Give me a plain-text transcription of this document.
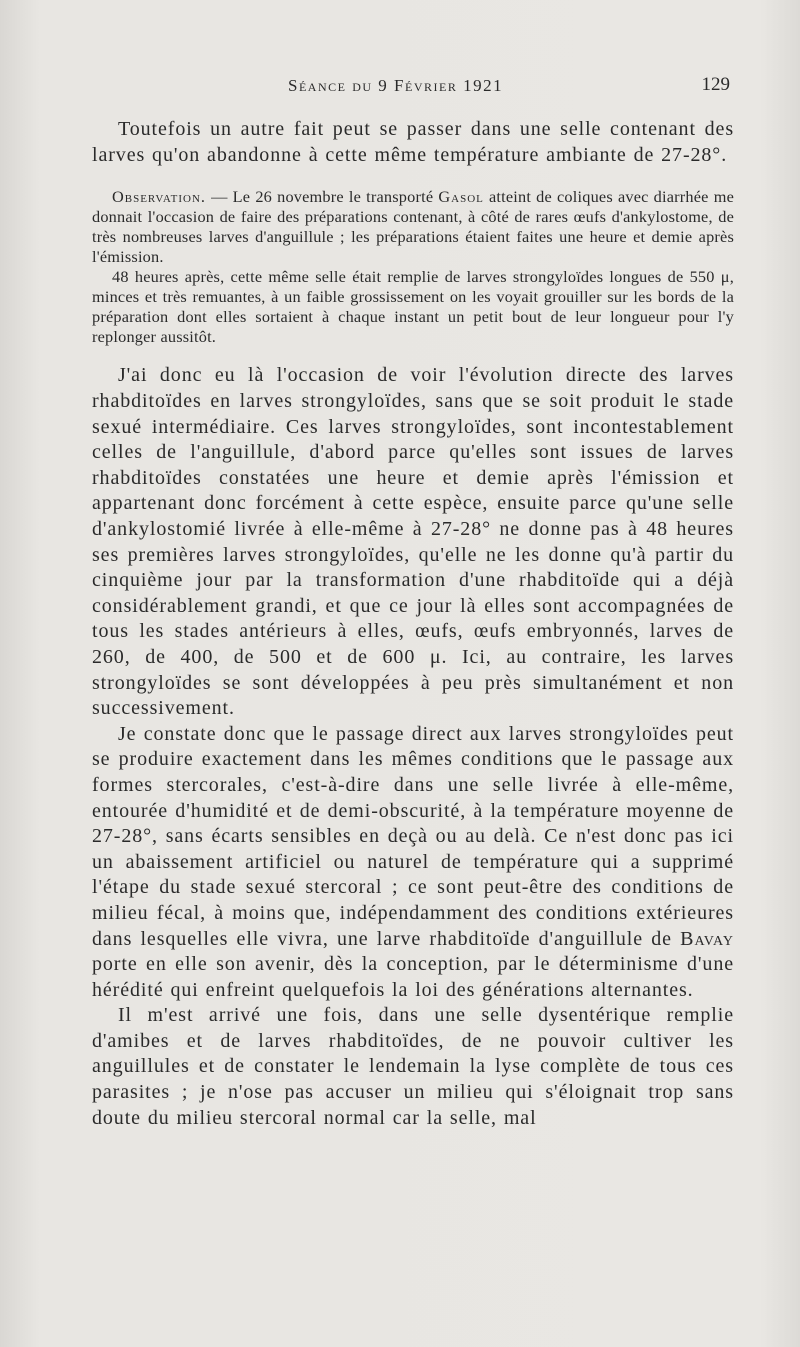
Séance du 9 Février 1921	129

Toutefois un autre fait peut se passer dans une selle contenant des larves qu'on abandonne à cette même température ambiante de 27-28°.

Observation. — Le 26 novembre le transporté Gasol atteint de coliques avec diarrhée me donnait l'occasion de faire des préparations contenant, à côté de rares œufs d'ankylostome, de très nombreuses larves d'anguillule ; les préparations étaient faites une heure et demie après l'émission.

48 heures après, cette même selle était remplie de larves strongyloïdes longues de 550 μ, minces et très remuantes, à un faible grossissement on les voyait grouiller sur les bords de la préparation dont elles sortaient à chaque instant un petit bout de leur longueur pour l'y replonger aussitôt.

J'ai donc eu là l'occasion de voir l'évolution directe des larves rhabditoïdes en larves strongyloïdes, sans que se soit produit le stade sexué intermédiaire. Ces larves strongyloïdes, sont incontestablement celles de l'anguillule, d'abord parce qu'elles sont issues de larves rhabditoïdes constatées une heure et demie après l'émission et appartenant donc forcément à cette espèce, ensuite parce qu'une selle d'ankylostomié livrée à elle-même à 27-28° ne donne pas à 48 heures ses premières larves strongyloïdes, qu'elle ne les donne qu'à partir du cinquième jour par la transformation d'une rhabditoïde qui a déjà considérablement grandi, et que ce jour là elles sont accompagnées de tous les stades antérieurs à elles, œufs, œufs embryonnés, larves de 260, de 400, de 500 et de 600 μ. Ici, au contraire, les larves strongyloïdes se sont développées à peu près simultanément et non successivement.

Je constate donc que le passage direct aux larves strongyloïdes peut se produire exactement dans les mêmes conditions que le passage aux formes stercorales, c'est-à-dire dans une selle livrée à elle-même, entourée d'humidité et de demi-obscurité, à la température moyenne de 27-28°, sans écarts sensibles en deçà ou au delà. Ce n'est donc pas ici un abaissement artificiel ou naturel de température qui a supprimé l'étape du stade sexué stercoral ; ce sont peut-être des conditions de milieu fécal, à moins que, indépendamment des conditions extérieures dans lesquelles elle vivra, une larve rhabditoïde d'anguillule de Bavay porte en elle son avenir, dès la conception, par le déterminisme d'une hérédité qui enfreint quelquefois la loi des générations alternantes.

Il m'est arrivé une fois, dans une selle dysentérique remplie d'amibes et de larves rhabditoïdes, de ne pouvoir cultiver les anguillules et de constater le lendemain la lyse complète de tous ces parasites ; je n'ose pas accuser un milieu qui s'éloignait trop sans doute du milieu stercoral normal car la selle, mal
